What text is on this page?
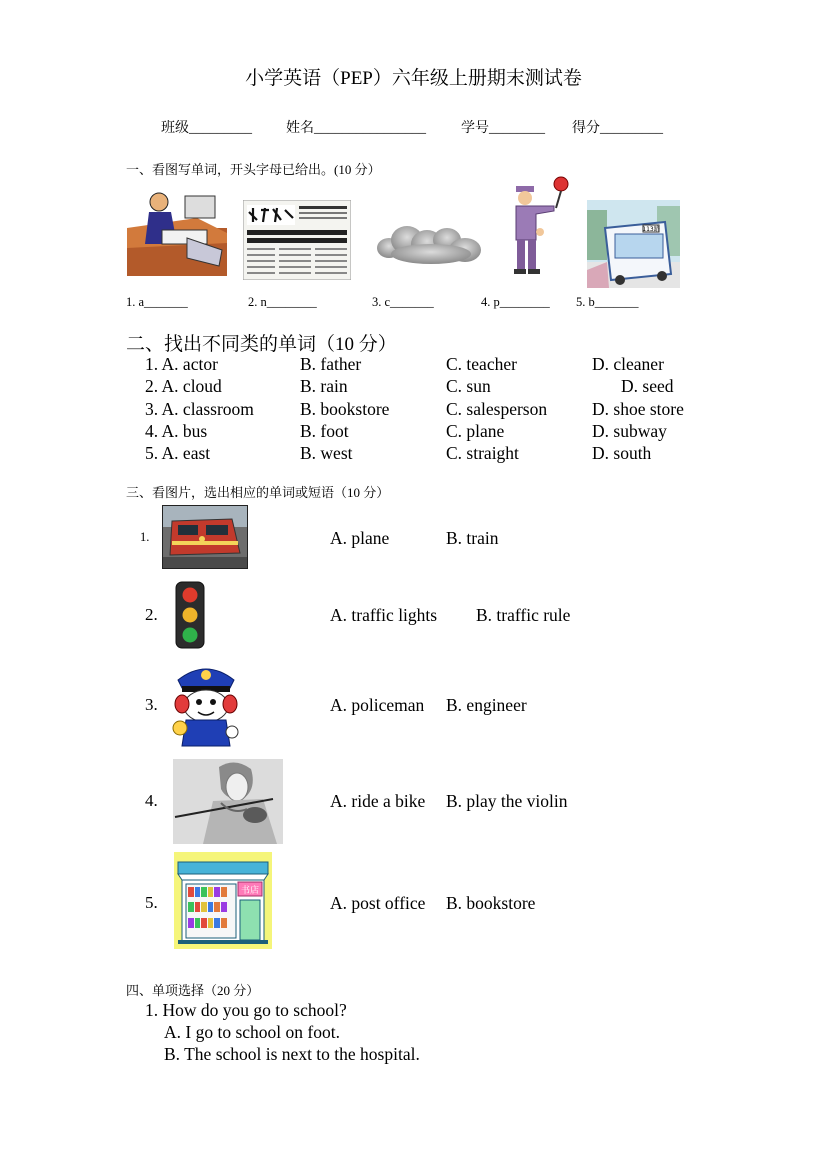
小学英语（PEP）六年级上册期末测试卷
班级_________ 姓名________________	学号________ 得分_________
一、看图写单词，开头字母已给出。(10 分）
113路
1. a_______	2. n________	3. c_______	4. p________ 5. b_______
二、找出不同类的单词（10 分）
1. A. actor	B. father	C. teacher	D. cleaner
2. A. cloud	B. rain	C. sun	D. seed
3. A. classroom	B. bookstore	C. salesperson	D. shoe store
4. A. bus	B. foot	C. plane	D. subway
5. A. east	B. west	C. straight	D. south
三、看图片，选出相应的单词或短语（10 分）
1.	A. plane	B. train
2.	A. traffic lights B. traffic rule
3.	A. policeman B. engineer
4.	A. ride a bike B. play the violin
5.
书店
A. post office B. bookstore
四、单项选择（20 分）
1. How do you go to school?
A. I go to school on foot.
B. The school is next to the hospital.
